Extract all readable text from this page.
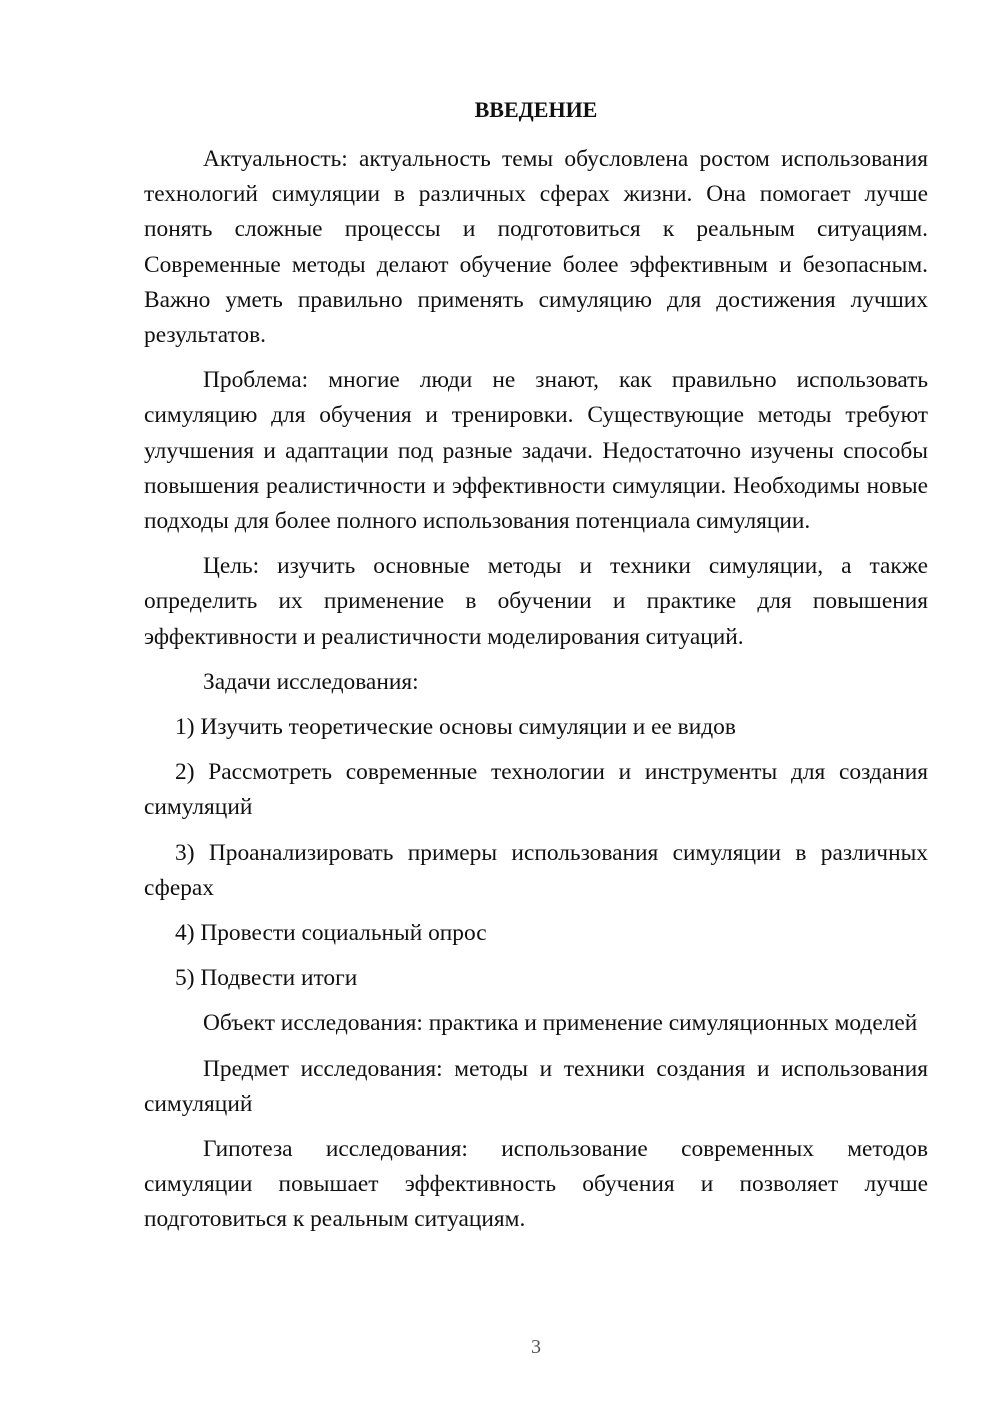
ВВЕДЕНИЕ

Актуальность: актуальность темы обусловлена ростом использования технологий симуляции в различных сферах жизни. Она помогает лучше понять сложные процессы и подготовиться к реальным ситуациям. Современные методы делают обучение более эффективным и безопасным. Важно уметь правильно применять симуляцию для достижения лучших результатов.

Проблема: многие люди не знают, как правильно использовать симуляцию для обучения и тренировки. Существующие методы требуют улучшения и адаптации под разные задачи. Недостаточно изучены способы повышения реалистичности и эффективности симуляции. Необходимы новые подходы для более полного использования потенциала симуляции.

Цель: изучить основные методы и техники симуляции, а также определить их применение в обучении и практике для повышения эффективности и реалистичности моделирования ситуаций.

Задачи исследования:

1) Изучить теоретические основы симуляции и ее видов

2) Рассмотреть современные технологии и инструменты для создания симуляций

3) Проанализировать примеры использования симуляции в различных сферах

4) Провести социальный опрос

5) Подвести итоги

Объект исследования: практика и применение симуляционных моделей

Предмет исследования: методы и техники создания и использования симуляций

Гипотеза исследования: использование современных методов симуляции повышает эффективность обучения и позволяет лучше подготовиться к реальным ситуациям.

3
